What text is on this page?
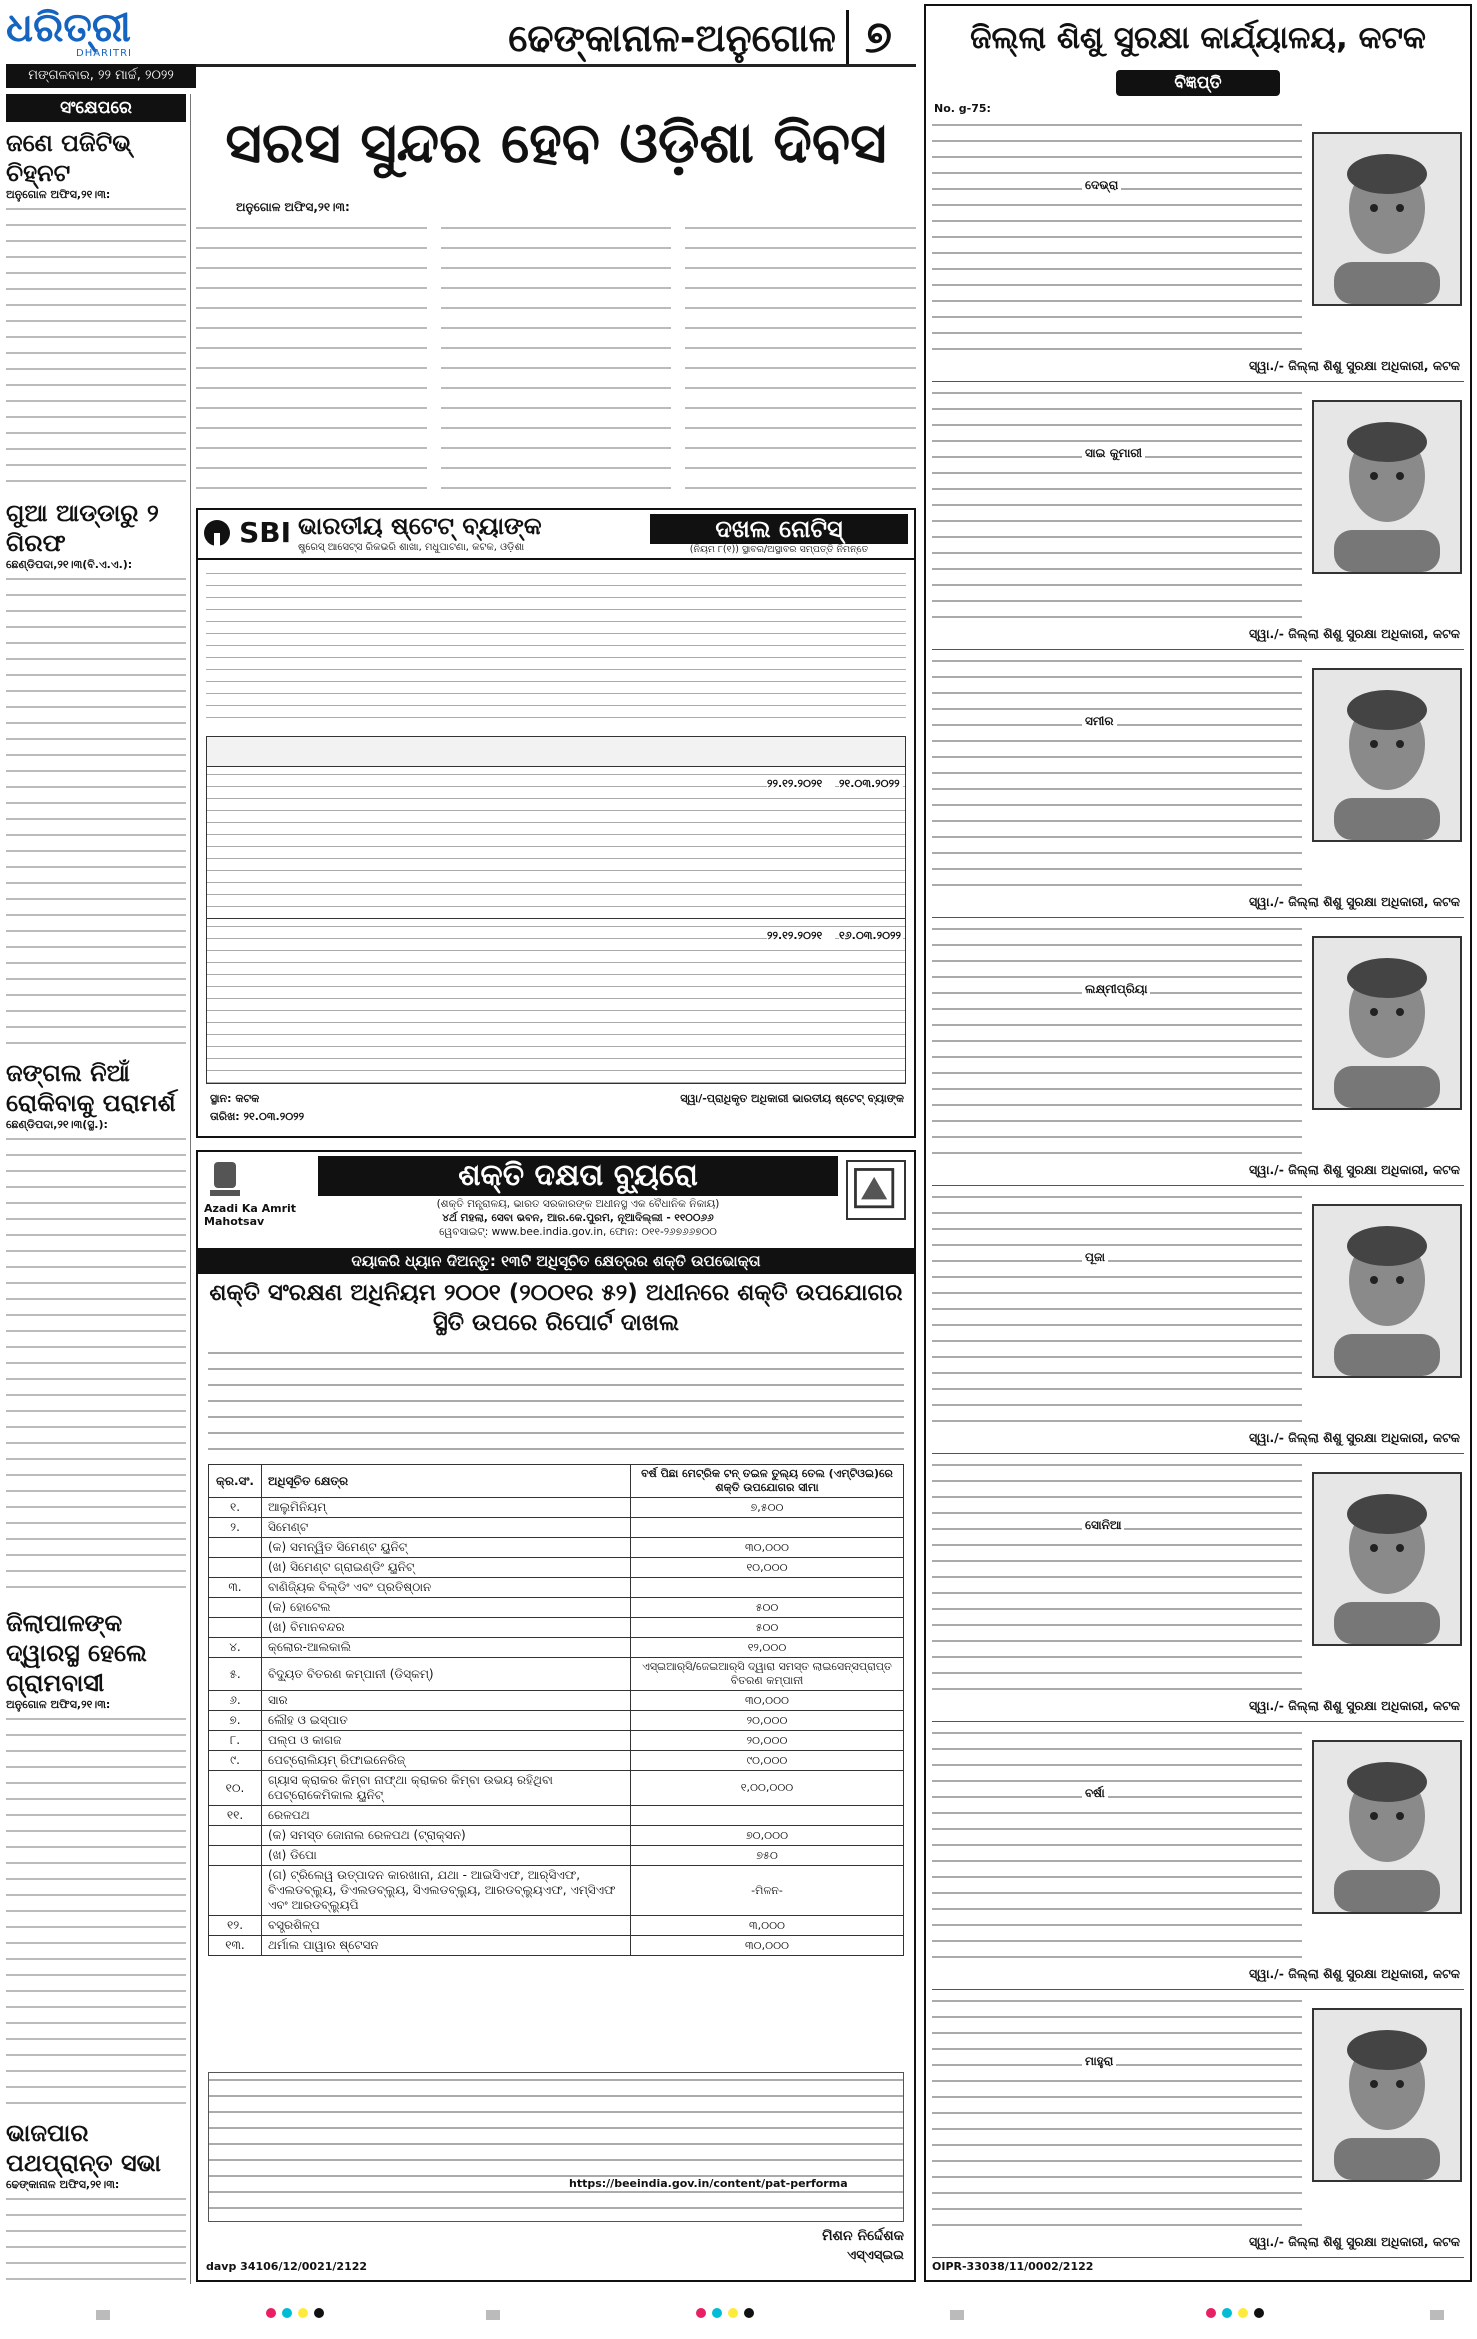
ଧରିତ୍ରୀ
DHARITRI
ମଙ୍ଗଳବାର, ୨୨ ମାର୍ଚ୍ଚ, ୨୦୨୨
ଢେଙ୍କାନାଳ-ଅନୁଗୋଳ ୭
ସଂକ୍ଷେପରେ
ଜଣେ ପଜିଟିଭ୍ ଚିହ୍ନଟ
ଅନୁଗୋଳ ଅଫିସ,୨୧।୩:
ଗୁଆ ଆଡ୍ଡାରୁ ୨ ଗିରଫ
ଛେଣ୍ଡିପଦା,୨୧।୩(ବି.ଏ.ଏ.):
ଜଙ୍ଗଲ ନିଆଁ ରୋକିବାକୁ ପରାମର୍ଶ
ଛେଣ୍ଡିପଦା,୨୧।୩(ସ୍ଥ.):
ଜିଲାପାଳଙ୍କ ଦ୍ୱାରସ୍ଥ ହେଲେ ଗ୍ରାମବାସୀ
ଅନୁଗୋଳ ଅଫିସ,୨୧।୩:
ଭାଜପାର ପଥପ୍ରାନ୍ତ ସଭା
ଢେଙ୍କାନାଳ ଅଫିସ,୨୧।୩:
ସରସ ସୁନ୍ଦର ହେବ ଓଡ଼ିଶା ଦିବସ
ଅନୁଗୋଳ ଅଫିସ,୨୧।୩:
SBI ଭାରତୀୟ ଷ୍ଟେଟ୍ ବ୍ୟାଙ୍କ
ଷ୍ଟ୍ରେସ୍ ଆସେଟ୍ସ ରିକଭରି ଶାଖା, ମଧୁପାଟଣା, କଟକ, ଓଡ଼ିଶା
ଦଖଲ ନୋଟିସ୍
(ନିୟମ ୮(୧)) ସ୍ଥାବର/ଅସ୍ଥାବର ସମ୍ପତ୍ତି ନିମନ୍ତେ
୨୨.୧୨.୨୦୨୧	୨୧.୦୩.୨୦୨୨
୨୨.୧୨.୨୦୨୧	୧୬.୦୩.୨୦୨୨
ସ୍ଥାନ: କଟକ
ତାରିଖ: ୨୧.୦୩.୨୦୨୨
ସ୍ୱା/-ପ୍ରାଧିକୃତ ଅଧିକାରୀ ଭାରତୀୟ ଷ୍ଟେଟ୍ ବ୍ୟାଙ୍କ
Azadi Ka Amrit Mahotsav
ଶକ୍ତି ଦକ୍ଷତା ବ୍ୟୁରୋ
(ଶକ୍ତି ମନ୍ତ୍ରାଳୟ, ଭାରତ ସରକାରଙ୍କ ଅଧୀନସ୍ଥ ଏକ ବୈଧାନିକ ନିକାୟ)
୪ର୍ଥ ମହଲା, ସେବା ଭବନ, ଆର.କେ.ପୁରମ, ନୂଆଦିଲ୍ଲୀ - ୧୧୦୦୬୬
ୱେବସାଇଟ୍: www.bee.india.gov.in, ଫୋନ: ୦୧୧-୨୬୭୬୬୭୦୦
ଦୟାକରି ଧ୍ୟାନ ଦିଅନ୍ତୁ: ୧୩ଟି ଅଧିସୂଚିତ କ୍ଷେତ୍ରର ଶକ୍ତି ଉପଭୋକ୍ତା
ଶକ୍ତି ସଂରକ୍ଷଣ ଅଧିନିୟମ ୨୦୦୧ (୨୦୦୧ର ୫୨) ଅଧୀନରେ ଶକ୍ତି ଉପଯୋଗର ସ୍ଥିତି ଉପରେ ରିପୋର୍ଟ ଦାଖଲ
କ୍ର.ସଂ.	ଅଧିସୂଚିତ କ୍ଷେତ୍ର	ବର୍ଷ ପିଛା ମେଟ୍ରିକ ଟନ୍ ତଇଳ ତୁଲ୍ୟ ତେଲ (ଏମ୍‌ଟିଓଇ)ରେ ଶକ୍ତି ଉପଯୋଗର ସୀମା
୧.	ଆଲୁମିନିୟମ୍	୭,୫୦୦
୨.	ସିମେଣ୍ଟ	
	(କ) ସମନ୍ୱିତ ସିମେଣ୍ଟ ୟୁନିଟ୍	୩୦,୦୦୦
	(ଖ) ସିମେଣ୍ଟ ଗ୍ରାଇଣ୍ଡିଂ ୟୁନିଟ୍	୧୦,୦୦୦
୩.	ବାଣିଜ୍ୟିକ ବିଲ୍ଡିଂ ଏବଂ ପ୍ରତିଷ୍ଠାନ	
	(କ) ହୋଟେଲ	୫୦୦
	(ଖ) ବିମାନବନ୍ଦର	୫୦୦
୪.	କ୍ଲୋର-ଆଲକାଲି	୧୨,୦୦୦
୫.	ବିଦ୍ୟୁତ ବିତରଣ କମ୍ପାନୀ (ଡିସ୍‌କମ୍)	ଏସ୍ଇଆର୍‌ସି/ଜେଇଆର୍‌ସି ଦ୍ୱାରା ସମସ୍ତ ଲାଇସେନ୍ସପ୍ରାପ୍ତ ବିତରଣ କମ୍ପାନୀ
୬.	ସାର	୩୦,୦୦୦
୭.	ଲୌହ ଓ ଇସ୍ପାତ	୨୦,୦୦୦
୮.	ପଲ୍ପ ଓ କାଗଜ	୨୦,୦୦୦
୯.	ପେଟ୍ରୋଲିୟମ୍ ରିଫାଇନେରିଜ୍	୯୦,୦୦୦
୧୦.	ଗ୍ୟାସ କ୍ରାକର କିମ୍ବା ନାଫ୍ଥା କ୍ରାକର କିମ୍ବା ଉଭୟ ରହିଥିବା ପେଟ୍ରୋକେମିକାଲ ୟୁନିଟ୍	୧,୦୦,୦୦୦
୧୧.	ରେଳପଥ	
	(କ) ସମସ୍ତ ଜୋନାଲ ରେଳପଥ (ଟ୍ରାକ୍ସନ)	୭୦,୦୦୦
	(ଖ) ଡିପୋ	୭୫୦
	(ଗ) ଟ୍ରିଲେୱ ଉତ୍ପାଦନ କାରଖାନା, ଯଥା - ଆଇସିଏଫ, ଆର୍‌ସିଏଫ, ବିଏଲଡବ୍ଲ୍ୟୁ, ଡିଏଲଡବ୍ଲ୍ୟୁ, ସିଏଲଡବ୍ଲ୍ୟୁ, ଆରଡବ୍ଲ୍ୟୁଏଫ, ଏମ୍‌ସିଏଫ ଏବଂ ଆରଡବ୍ଲ୍ୟୁପି	-ମିଳନ-
୧୨.	ବସ୍ତ୍ରଶିଳ୍ପ	୩,୦୦୦
୧୩.	ଥର୍ମାଲ ପାୱାର ଷ୍ଟେସନ	୩୦,୦୦୦
https://beeindia.gov.in/content/pat-performa
ମିଶନ ନିର୍ଦ୍ଦେଶକ
ଏସ୍‌ଏସ୍‌ଇଇ
davp 34106/12/0021/2122
ଜିଲ୍ଲା ଶିଶୁ ସୁରକ୍ଷା କାର୍ଯ୍ୟାଳୟ, କଟକ
ବିଜ୍ଞପ୍ତି
No. g-75:
ଦେଭ୍ରା
ସ୍ୱା./- ଜିଲ୍ଲା ଶିଶୁ ସୁରକ୍ଷା ଅଧିକାରୀ, କଟକ
ସାଇ କୁମାରୀ
ସ୍ୱା./- ଜିଲ୍ଲା ଶିଶୁ ସୁରକ୍ଷା ଅଧିକାରୀ, କଟକ
ସମୀର
ସ୍ୱା./- ଜିଲ୍ଲା ଶିଶୁ ସୁରକ୍ଷା ଅଧିକାରୀ, କଟକ
ଲକ୍ଷ୍ମୀପ୍ରିୟା
ସ୍ୱା./- ଜିଲ୍ଲା ଶିଶୁ ସୁରକ୍ଷା ଅଧିକାରୀ, କଟକ
ପୂଜା
ସ୍ୱା./- ଜିଲ୍ଲା ଶିଶୁ ସୁରକ୍ଷା ଅଧିକାରୀ, କଟକ
ସୋନିଆ
ସ୍ୱା./- ଜିଲ୍ଲା ଶିଶୁ ସୁରକ୍ଷା ଅଧିକାରୀ, କଟକ
ବର୍ଷା
ସ୍ୱା./- ଜିଲ୍ଲା ଶିଶୁ ସୁରକ୍ଷା ଅଧିକାରୀ, କଟକ
ମାହୁରା
ସ୍ୱା./- ଜିଲ୍ଲା ଶିଶୁ ସୁରକ୍ଷା ଅଧିକାରୀ, କଟକ
OIPR-33038/11/0002/2122
